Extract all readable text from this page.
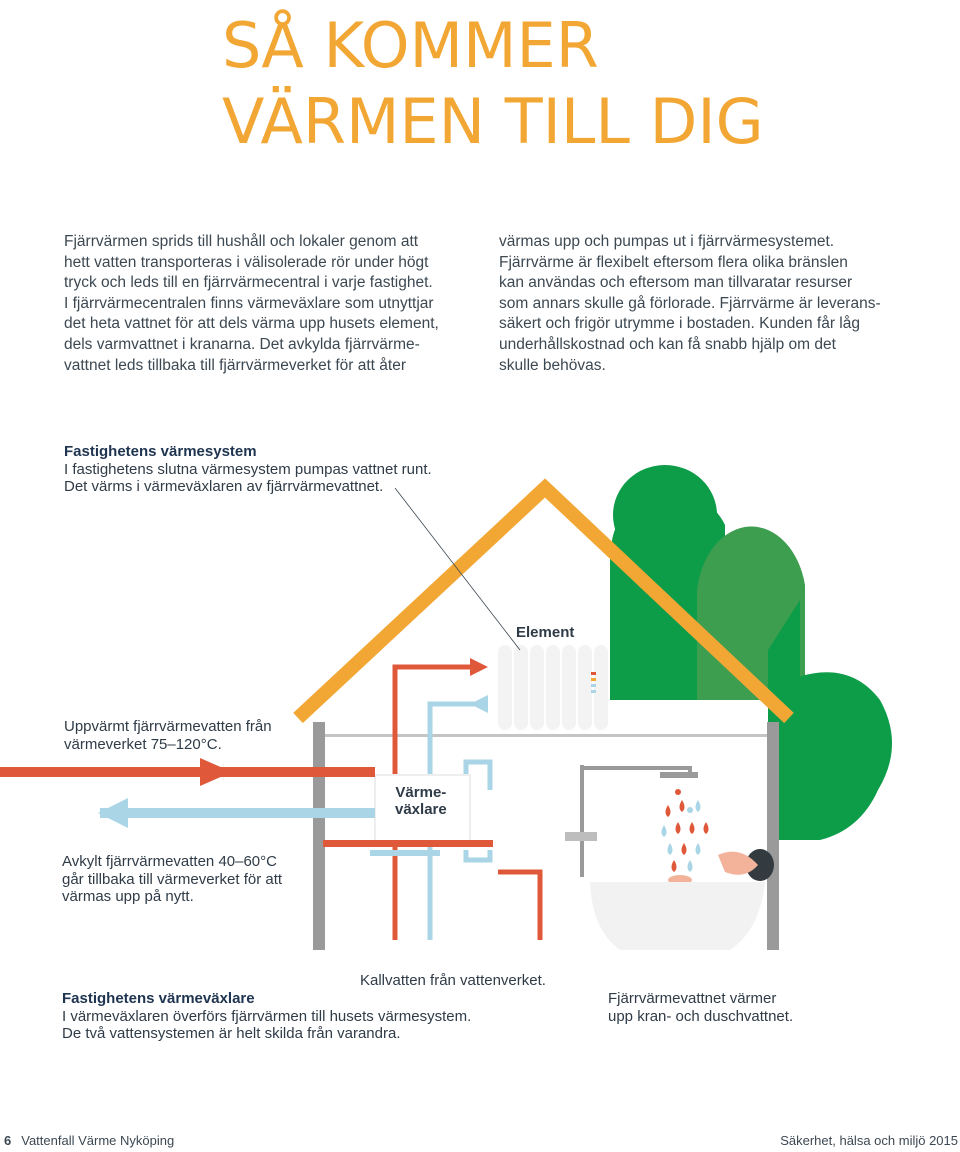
SÅ KOMMER
VÄRMEN TILL DIG
Fjärrvärmen sprids till hushåll och lokaler genom att
hett vatten transporteras i välisolerade rör under högt
tryck och leds till en fjärrvärmecentral i varje fastighet.
I fjärrvärmecentralen finns värmeväxlare som utnyttjar
det heta vattnet för att dels värma upp husets element,
dels varmvattnet i kranarna. Det avkylda fjärrvärme-
vattnet leds tillbaka till fjärrvärmeverket för att åter
värmas upp och pumpas ut i fjärrvärmesystemet.
Fjärrvärme är flexibelt eftersom flera olika bränslen
kan användas och eftersom man tillvaratar resurser
som annars skulle gå förlorade. Fjärrvärme är leverans-
säkert och frigör utrymme i bostaden. Kunden får låg
underhållskostnad och kan få snabb hjälp om det
skulle behövas.
Fastighetens värmesystem
I fastighetens slutna värmesystem pumpas vattnet runt.
Det värms i värmeväxlaren av fjärrvärmevattnet.
Element
Uppvärmt fjärrvärmevatten från
värmeverket 75–120°C.
Värme-
växlare
Avkylt fjärrvärmevatten 40–60°C
går tillbaka till värmeverket för att
värmas upp på nytt.
Kallvatten från vattenverket.
Fastighetens värmeväxlare
I värmeväxlaren överförs fjärrvärmen till husets värmesystem.
De två vattensystemen är helt skilda från varandra.
Fjärrvärmevattnet värmer
upp kran- och duschvattnet.
6 Vattenfall Värme Nyköping	Säkerhet, hälsa och miljö 2015
